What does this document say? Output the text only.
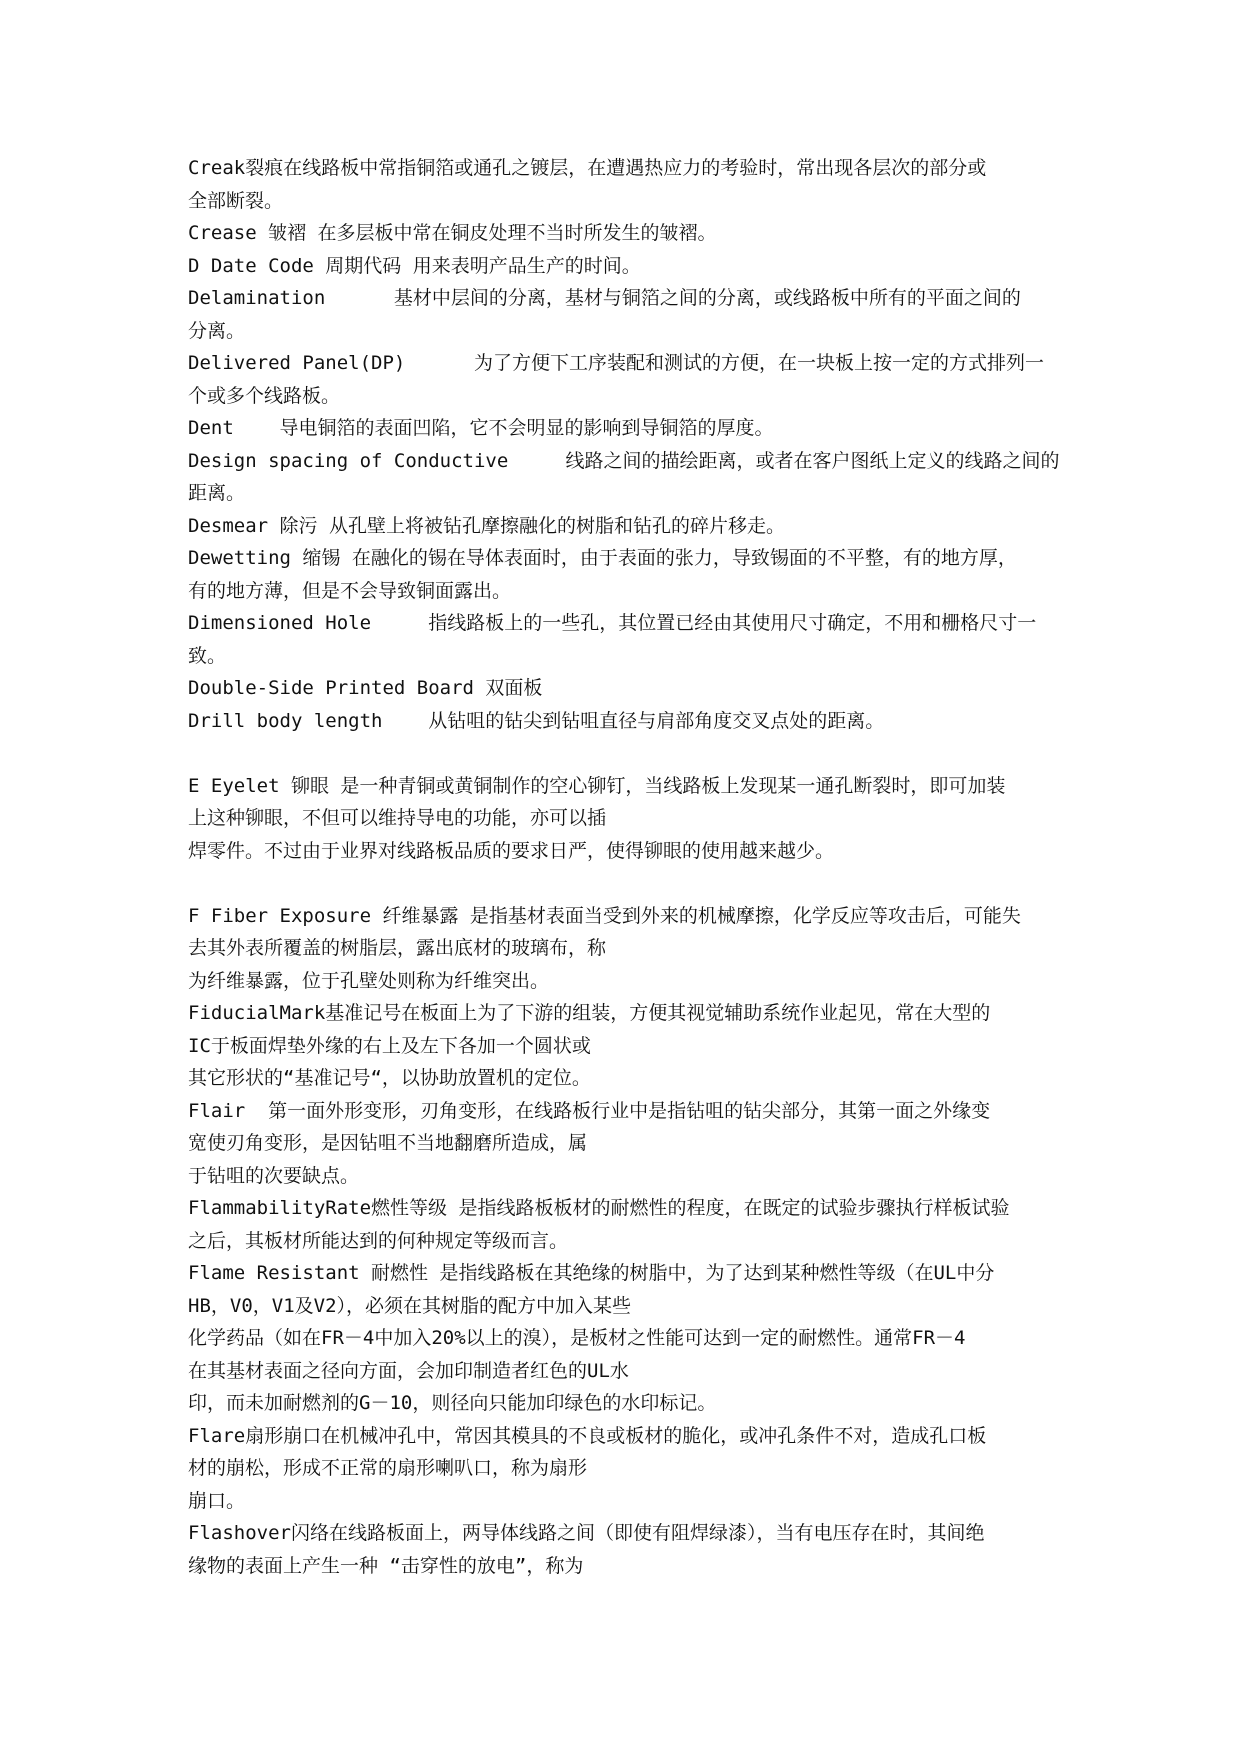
Creak裂痕在线路板中常指铜箔或通孔之镀层，在遭遇热应力的考验时，常出现各层次的部分或
全部断裂。
Crease 皱褶 在多层板中常在铜皮处理不当时所发生的皱褶。
D Date Code 周期代码 用来表明产品生产的时间。
Delamination      基材中层间的分离，基材与铜箔之间的分离，或线路板中所有的平面之间的
分离。
Delivered Panel(DP)      为了方便下工序装配和测试的方便，在一块板上按一定的方式排列一
个或多个线路板。
Dent    导电铜箔的表面凹陷，它不会明显的影响到导铜箔的厚度。
Design spacing of Conductive     线路之间的描绘距离，或者在客户图纸上定义的线路之间的
距离。
Desmear 除污 从孔壁上将被钻孔摩擦融化的树脂和钻孔的碎片移走。
Dewetting 缩锡 在融化的锡在导体表面时，由于表面的张力，导致锡面的不平整，有的地方厚，
有的地方薄，但是不会导致铜面露出。
Dimensioned Hole     指线路板上的一些孔，其位置已经由其使用尺寸确定，不用和栅格尺寸一
致。
Double-Side Printed Board 双面板
Drill body length    从钻咀的钻尖到钻咀直径与肩部角度交叉点处的距离。
E Eyelet 铆眼 是一种青铜或黄铜制作的空心铆钉，当线路板上发现某一通孔断裂时，即可加装
上这种铆眼，不但可以维持导电的功能，亦可以插
焊零件。不过由于业界对线路板品质的要求日严，使得铆眼的使用越来越少。
F Fiber Exposure 纤维暴露 是指基材表面当受到外来的机械摩擦，化学反应等攻击后，可能失
去其外表所覆盖的树脂层，露出底材的玻璃布，称
为纤维暴露，位于孔壁处则称为纤维突出。
FiducialMark基准记号在板面上为了下游的组装，方便其视觉辅助系统作业起见，常在大型的
IC于板面焊垫外缘的右上及左下各加一个圆状或
其它形状的“基准记号“，以协助放置机的定位。
Flair  第一面外形变形，刃角变形，在线路板行业中是指钻咀的钻尖部分，其第一面之外缘变
宽使刃角变形，是因钻咀不当地翻磨所造成，属
于钻咀的次要缺点。
FlammabilityRate燃性等级 是指线路板板材的耐燃性的程度，在既定的试验步骤执行样板试验
之后，其板材所能达到的何种规定等级而言。
Flame Resistant 耐燃性 是指线路板在其绝缘的树脂中，为了达到某种燃性等级（在UL中分
HB，V0，V1及V2），必须在其树脂的配方中加入某些
化学药品（如在FR－4中加入20%以上的溴），是板材之性能可达到一定的耐燃性。通常FR－4
在其基材表面之径向方面，会加印制造者红色的UL水
印，而未加耐燃剂的G－10，则径向只能加印绿色的水印标记。
Flare扇形崩口在机械冲孔中，常因其模具的不良或板材的脆化，或冲孔条件不对，造成孔口板
材的崩松，形成不正常的扇形喇叭口，称为扇形
崩口。
Flashover闪络在线路板面上，两导体线路之间（即使有阻焊绿漆），当有电压存在时，其间绝
缘物的表面上产生一种 “击穿性的放电”，称为
